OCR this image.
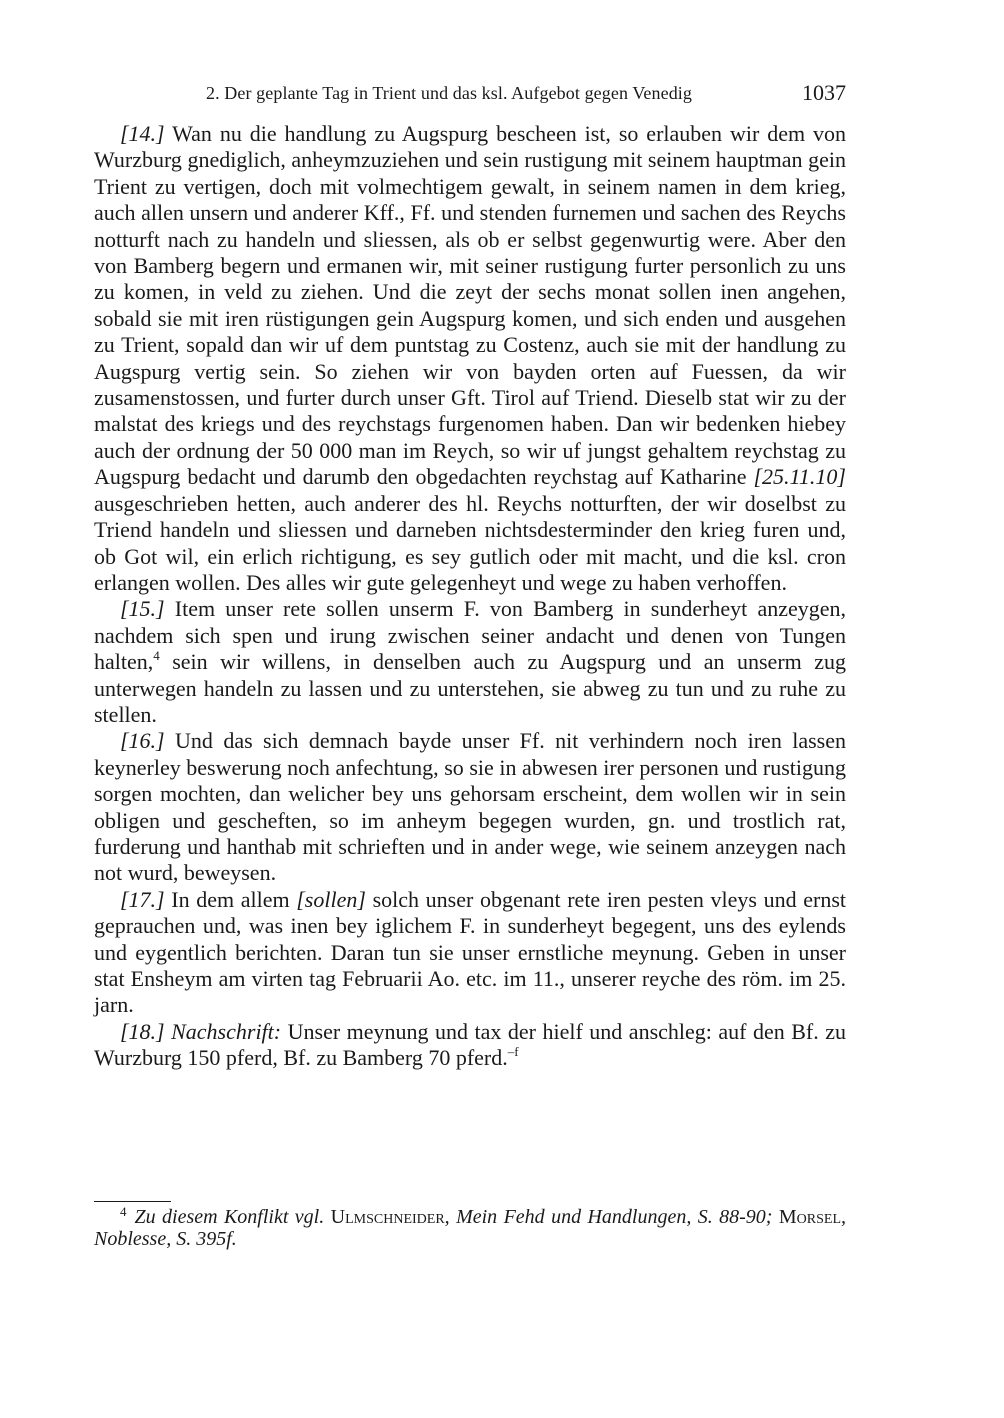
2. Der geplante Tag in Trient und das ksl. Aufgebot gegen Venedig	1037

[14.] Wan nu die handlung zu Augspurg bescheen ist, so erlauben wir dem von Wurzburg gnediglich, anheymzuziehen und sein rustigung mit seinem hauptman gein Trient zu vertigen, doch mit volmechtigem gewalt, in seinem namen in dem krieg, auch allen unsern und anderer Kff., Ff. und stenden furnemen und sachen des Reychs notturft nach zu handeln und sliessen, als ob er selbst gegenwurtig were. Aber den von Bamberg begern und ermanen wir, mit seiner rustigung furter personlich zu uns zu komen, in veld zu ziehen. Und die zeyt der sechs monat sollen inen angehen, sobald sie mit iren rüstigungen gein Augspurg komen, und sich enden und ausgehen zu Trient, sopald dan wir uf dem puntstag zu Costenz, auch sie mit der handlung zu Augspurg vertig sein. So ziehen wir von bayden orten auf Fuessen, da wir zusamenstossen, und furter durch unser Gft. Tirol auf Triend. Dieselb stat wir zu der malstat des kriegs und des reychstags furgenomen haben. Dan wir bedenken hiebey auch der ordnung der 50 000 man im Reych, so wir uf jungst gehaltem reychstag zu Augspurg bedacht und darumb den obgedachten reychstag auf Katharine [25.11.10] ausgeschrieben hetten, auch anderer des hl. Reychs notturften, der wir doselbst zu Triend handeln und sliessen und darneben nichtsdesterminder den krieg furen und, ob Got wil, ein erlich richtigung, es sey gutlich oder mit macht, und die ksl. cron erlangen wollen. Des alles wir gute gelegenheyt und wege zu haben verhoffen.

[15.] Item unser rete sollen unserm F. von Bamberg in sunderheyt anzeygen, nachdem sich spen und irung zwischen seiner andacht und denen von Tungen halten,$^4$ sein wir willens, in denselben auch zu Augspurg und an unserm zug unterwegen handeln zu lassen und zu unterstehen, sie abweg zu tun und zu ruhe zu stellen.

[16.] Und das sich demnach bayde unser Ff. nit verhindern noch iren lassen keynerley beswerung noch anfechtung, so sie in abwesen irer personen und rustigung sorgen mochten, dan welicher bey uns gehorsam erscheint, dem wollen wir in sein obligen und gescheften, so im anheym begegen wurden, gn. und trostlich rat, furderung und hanthab mit schrieften und in ander wege, wie seinem anzeygen nach not wurd, beweysen.

[17.] In dem allem [sollen] solch unser obgenant rete iren pesten vleys und ernst geprauchen und, was inen bey iglichem F. in sunderheyt begegent, uns des eylends und eygentlich berichten. Daran tun sie unser ernstliche meynung. Geben in unser stat Ensheym am virten tag Februarii Ao. etc. im 11., unserer reyche des röm. im 25. jarn.

[18.] Nachschrift: Unser meynung und tax der hielf und anschleg: auf den Bf. zu Wurzburg 150 pferd, Bf. zu Bamberg 70 pferd.$^{-f}$

$^4$ Zu diesem Konflikt vgl. Ulmschneider, Mein Fehd und Handlungen, S. 88-90; Morsel, Noblesse, S. 395f.
